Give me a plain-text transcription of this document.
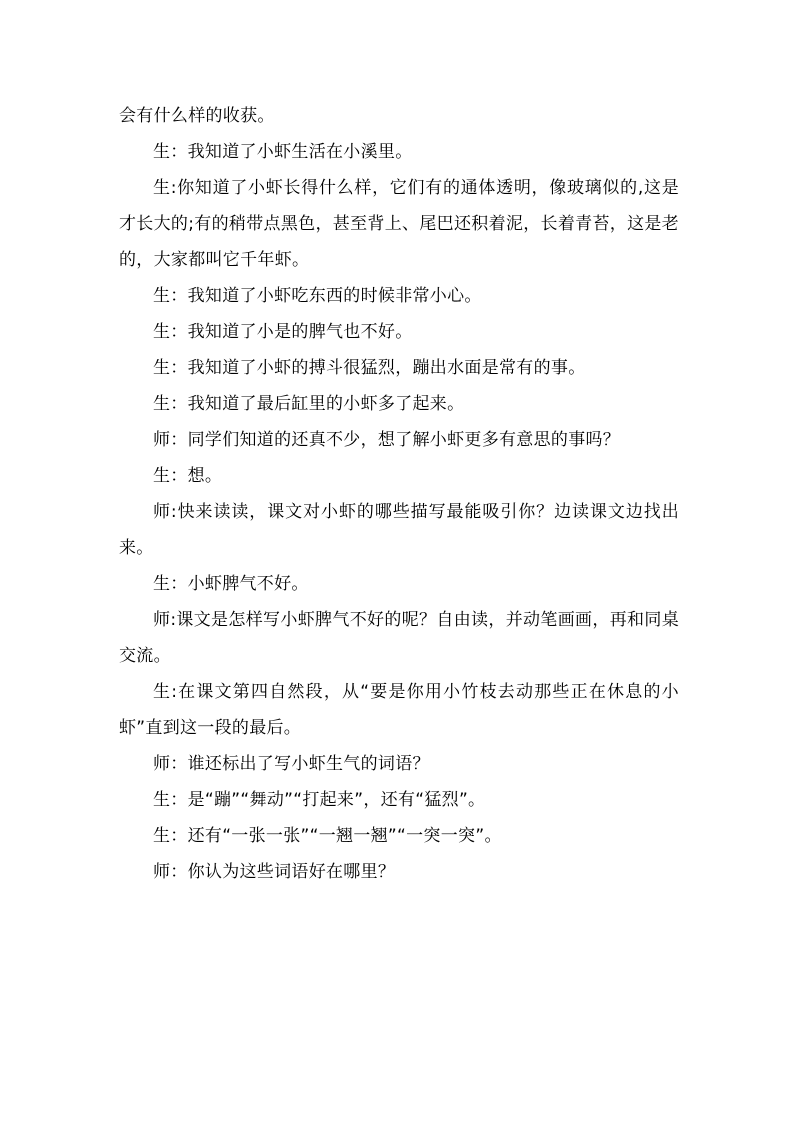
会有什么样的收获。

生：我知道了小虾生活在小溪里。

生:你知道了小虾长得什么样，它们有的通体透明，像玻璃似的,这是才长大的;有的稍带点黑色，甚至背上、尾巴还积着泥，长着青苔，这是老的，大家都叫它千年虾。

生：我知道了小虾吃东西的时候非常小心。

生：我知道了小是的脾气也不好。

生：我知道了小虾的搏斗很猛烈，蹦出水面是常有的事。

生：我知道了最后缸里的小虾多了起来。

师：同学们知道的还真不少，想了解小虾更多有意思的事吗？

生：想。

师:快来读读，课文对小虾的哪些描写最能吸引你？边读课文边找出来。

生：小虾脾气不好。

师:课文是怎样写小虾脾气不好的呢？自由读，并动笔画画，再和同桌交流。

生:在课文第四自然段，从“要是你用小竹枝去动那些正在休息的小虾”直到这一段的最后。

师：谁还标出了写小虾生气的词语？

生：是“蹦”“舞动”“打起来”，还有“猛烈”。

生：还有“一张一张”“一翘一翘”“一突一突”。

师：你认为这些词语好在哪里？
